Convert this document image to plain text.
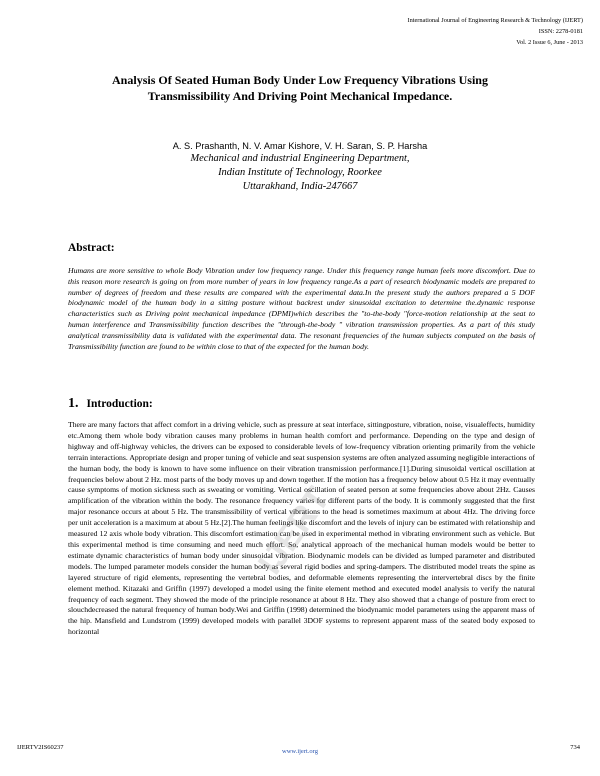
International Journal of Engineering Research & Technology (IJERT)
ISSN: 2278-0181
Vol. 2 Issue 6, June - 2013
Analysis Of Seated Human Body Under Low Frequency Vibrations Using
Transmissibility And Driving Point Mechanical Impedance.
A. S. Prashanth, N. V. Amar Kishore, V. H. Saran, S. P. Harsha
Mechanical and industrial Engineering Department,
Indian Institute of Technology, Roorkee
Uttarakhand, India-247667
Abstract:
Humans are more sensitive to whole Body Vibration under low frequency range. Under this frequency range human feels more discomfort. Due to this reason more research is going on from more number of years in low frequency range.As a part of research biodynamic models are prepared to number of degrees of freedom and these results are compared with the experimental data.In the present study the authors prepared a 5 DOF biodynamic model of the human body in a sitting posture without backrest under sinusoidal excitation to determine the.dynamic response characteristics such as Driving point mechanical impedance (DPMI)which describes the "to-the-body "force-motion relationship at the seat to human interference and Transmissibility function describes the "through-the-body " vibration transmission properties. As a part of this study analytical transmissibility data is validated with the experimental data. The resonant frequencies of the human subjects computed on the basis of Transmissibility function are found to be within close to that of the expected for the human body.
1. Introduction:
There are many factors that affect comfort in a driving vehicle, such as pressure at seat interface, sittingposture, vibration, noise, visualeffects, humidity etc.Among them whole body vibration causes many problems in human health comfort and performance. Depending on the type and design of highway and off-highway vehicles, the drivers can be exposed to considerable levels of low-frequency vibration orienting primarily from the vehicle terrain interactions. Appropriate design and proper tuning of vehicle and seat suspension systems are often analyzed assuming negligible interactions of the human body, the body is known to have some influence on their vibration transmission performance.[1].During sinusoidal vertical oscillation at frequencies below about 2 Hz. most parts of the body moves up and down together. If the motion has a frequency below about 0.5 Hz it may eventually cause symptoms of motion sickness such as sweating or vomiting. Vertical oscillation of seated person at some frequencies above about 2Hz. Causes amplification of the vibration within the body. The resonance frequency varies for different parts of the body. It is commonly suggested that the first major resonance occurs at about 5 Hz. The transmissibility of vertical vibrations to the head is sometimes maximum at about 4Hz. The driving force per unit acceleration is a maximum at about 5 Hz.[2].The human feelings like discomfort and the levels of injury can be estimated with relationship and measured 12 axis whole body vibration. This discomfort estimation can be used in experimental method in vibrating environment such as vehicle. But this experimental method is time consuming and need much effort. So, analytical approach of the mechanical human models would be better to estimate dynamic characteristics of human body under sinusoidal vibration. Biodynamic models can be divided as lumped parameter and distributed models. The lumped parameter models consider the human body as several rigid bodies and spring-dampers. The distributed model treats the spine as layered structure of rigid elements, representing the vertebral bodies, and deformable elements representing the intervertebral discs by the finite element method. Kitazaki and Griffin (1997) developed a model using the finite element method and executed model analysis to verify the natural frequency of each segment. They showed the mode of the principle resonance at about 8 Hz. They also showed that a change of posture from erect to slouchdecreased the natural frequency of human body.Wei and Griffin (1998) determined the biodynamic model parameters using the apparent mass of the hip. Mansfield and Lundstrom (1999) developed models with parallel 3DOF systems to represent apparent mass of the seated body exposed to horizontal
IJERT
IJERTV2IS60237
www.ijert.org
734
